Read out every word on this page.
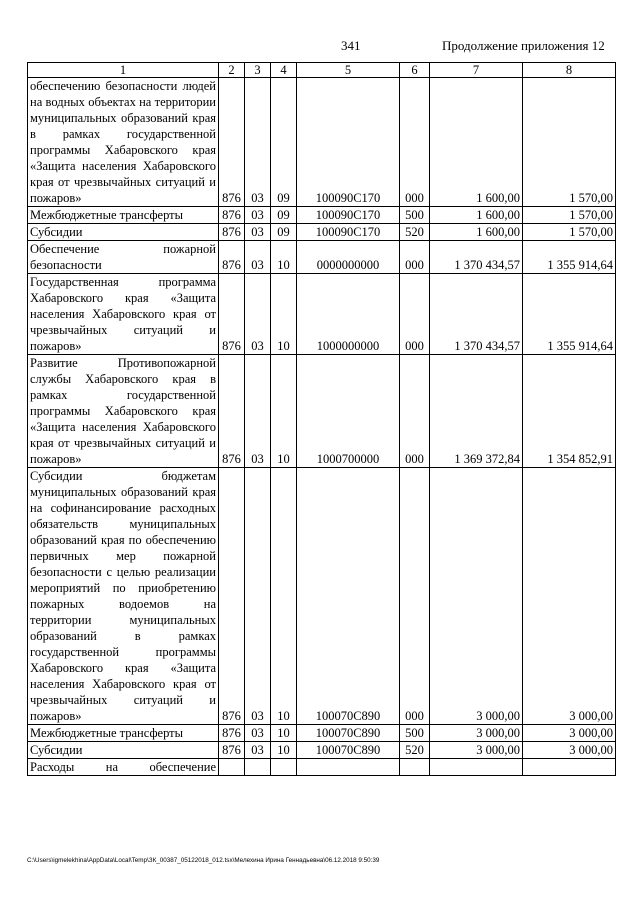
341	Продолжение приложения 12
1	2	3	4	5	6	7	8
обеспечению безопасности людей на водных объектах на территории муниципальных образований края в рамках государственной программы Хабаровского края «Защита населения Хабаровского края от чрезвычайных ситуаций и пожаров»	876	03	09	100090С170	000	1 600,00	1 570,00
Межбюджетные трансферты	876	03	09	100090С170	500	1 600,00	1 570,00
Субсидии	876	03	09	100090С170	520	1 600,00	1 570,00
Обеспечение пожарной безопасности	876	03	10	0000000000	000	1 370 434,57	1 355 914,64
Государственная программа Хабаровского края «Защита населения Хабаровского края от чрезвычайных ситуаций и пожаров»	876	03	10	1000000000	000	1 370 434,57	1 355 914,64
Развитие Противопожарной службы Хабаровского края в рамках государственной программы Хабаровского края «Защита населения Хабаровского края от чрезвычайных ситуаций и пожаров»	876	03	10	1000700000	000	1 369 372,84	1 354 852,91
Субсидии бюджетам муниципальных образований края на софинансирование расходных обязательств муниципальных образований края по обеспечению первичных мер пожарной безопасности с целью реализации мероприятий по приобретению пожарных водоемов на территории муниципальных образований в рамках государственной программы Хабаровского края «Защита населения Хабаровского края от чрезвычайных ситуаций и пожаров»	876	03	10	100070С890	000	3 000,00	3 000,00
Межбюджетные трансферты	876	03	10	100070С890	500	3 000,00	3 000,00
Субсидии	876	03	10	100070С890	520	3 000,00	3 000,00
Расходы на обеспечение							
C:\Users\igmelekhina\AppData\Local\Temp\ЗК_00387_05122018_012.tsx\Мелехина Ирина Геннадьевна\06.12.2018 9:50:39
